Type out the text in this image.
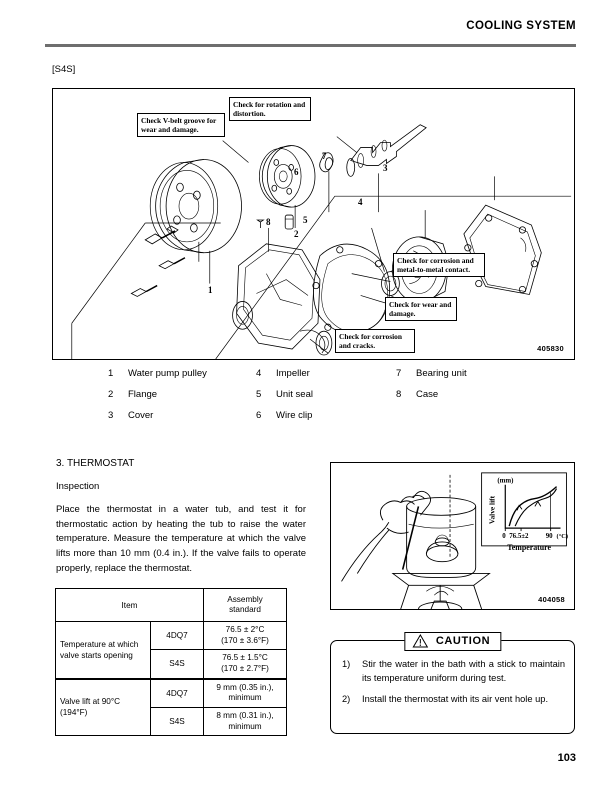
COOLING SYSTEM
[S4S]
Check V-belt groove for wear and damage.
Check for rotation and distortion.
Check for corrosion and metal-to-metal contact.
Check for wear and damage.
Check for corrosion and cracks.
1
2
3
4
5
6
7
8
405830
1	Water pump pulley
2	Flange
3	Cover
4	Impeller
5	Unit seal
6	Wire clip
7	Bearing unit
8	Case
3. THERMOSTAT
Inspection
Place the thermostat in a water tub, and test it for thermostatic action by heating the tub to raise the water temperature. Measure the temperature at which the valve lifts more than 10 mm (0.4 in.). If the valve fails to operate properly, replace the thermostat.
Item		Assembly
standard

Temperature at which valve starts opening	4DQ7	76.5 ± 2°C
(170 ± 3.6°F)

	S4S	76.5 ± 1.5°C
(170 ± 2.7°F)

Valve lift at 90°C (194°F)	4DQ7	9 mm (0.35 in.),
minimum

	S4S	8 mm (0.31 in.),
minimum
(mm)
Valve lift
0 76.5±2 90 (°C)
Temperature
404058
CAUTION
1)	Stir the water in the bath with a stick to maintain its temperature uniform during test.
2)	Install the thermostat with its air vent hole up.
103
